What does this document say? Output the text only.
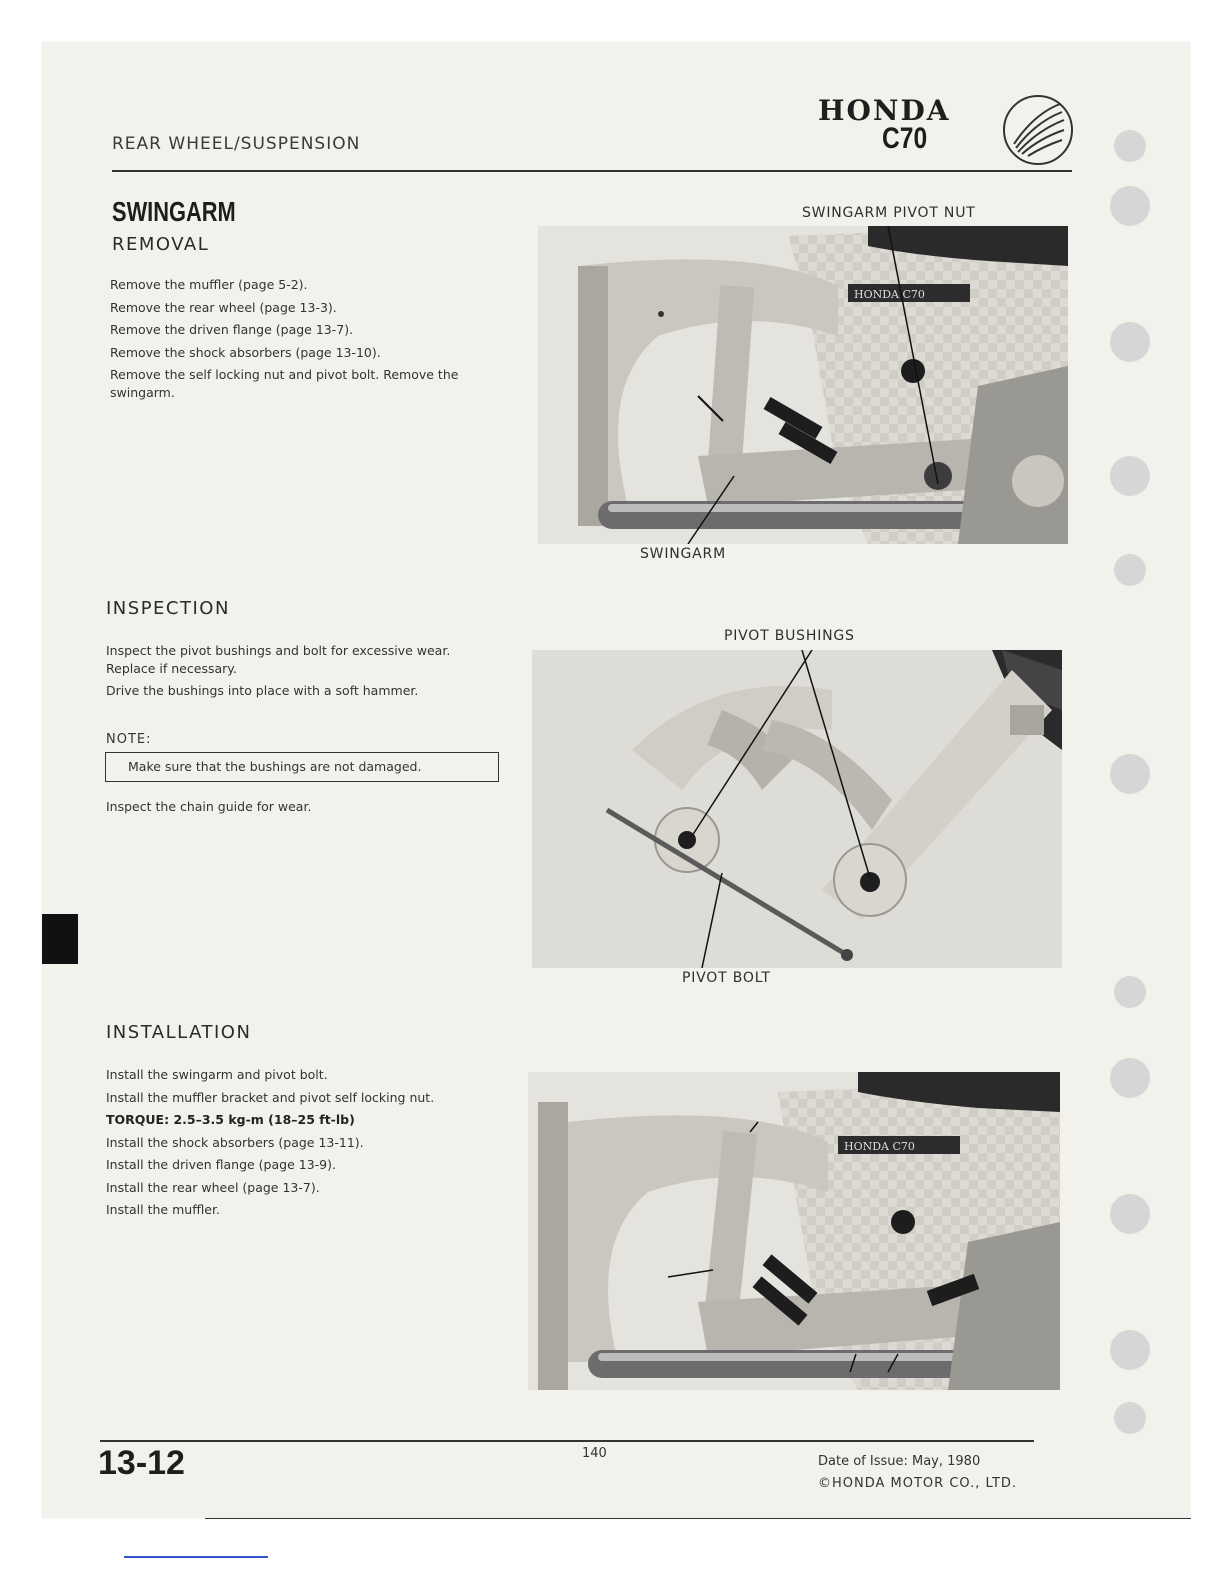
REAR WHEEL/SUSPENSION
HONDA
C70
SWINGARM
REMOVAL

Remove the muffler (page 5-2).

Remove the rear wheel (page 13-3).

Remove the driven flange (page 13-7).

Remove the shock absorbers (page 13-10).

Remove the self locking nut and pivot bolt. Remove the swingarm.

SWINGARM PIVOT NUT
HONDA C70
SWINGARM
INSPECTION

Inspect the pivot bushings and bolt for excessive wear. Replace if necessary.

Drive the bushings into place with a soft hammer.

NOTE:
Make sure that the bushings are not damaged.
Inspect the chain guide for wear.
PIVOT BUSHINGS
PIVOT BOLT
INSTALLATION

Install the swingarm and pivot bolt.

Install the muffler bracket and pivot self locking nut.

TORQUE: 2.5–3.5 kg-m (18–25 ft-lb)

Install the shock absorbers (page 13-11).

Install the driven flange (page 13-9).

Install the rear wheel (page 13-7).

Install the muffler.

HONDA C70
13-12	140
Date of Issue: May, 1980
©HONDA MOTOR CO., LTD.
